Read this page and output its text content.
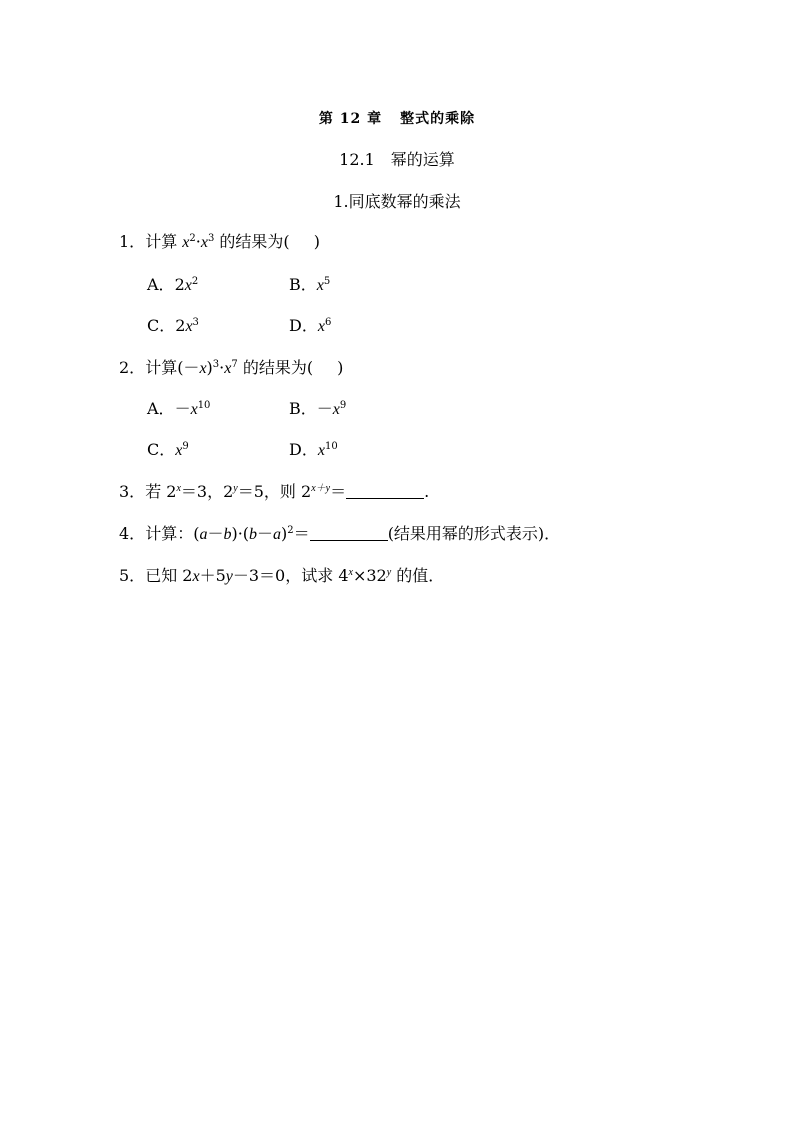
第 12 章 整式的乘除
12.1 幂的运算
1.同底数幂的乘法
1．计算 $x^2\cdot x^3$ 的结果为( )
A．$2x^2$	B．$x^5$
C．$2x^3$	D．$x^6$
2．计算$(-x)^3\cdot x^7$ 的结果为( )
A．$-x^{10}$	B．$-x^9$
C．$x^9$	D．$x^{10}$
3．若 $2^x=3$，$2^y=5$，则 $2^{x+y}=$	.
4．计算：$(a-b)\cdot(b-a)^2=$	(结果用幂的形式表示)．
5．已知 2x＋5y－3＝0，试求 $4^x\times 32^y$ 的值．
